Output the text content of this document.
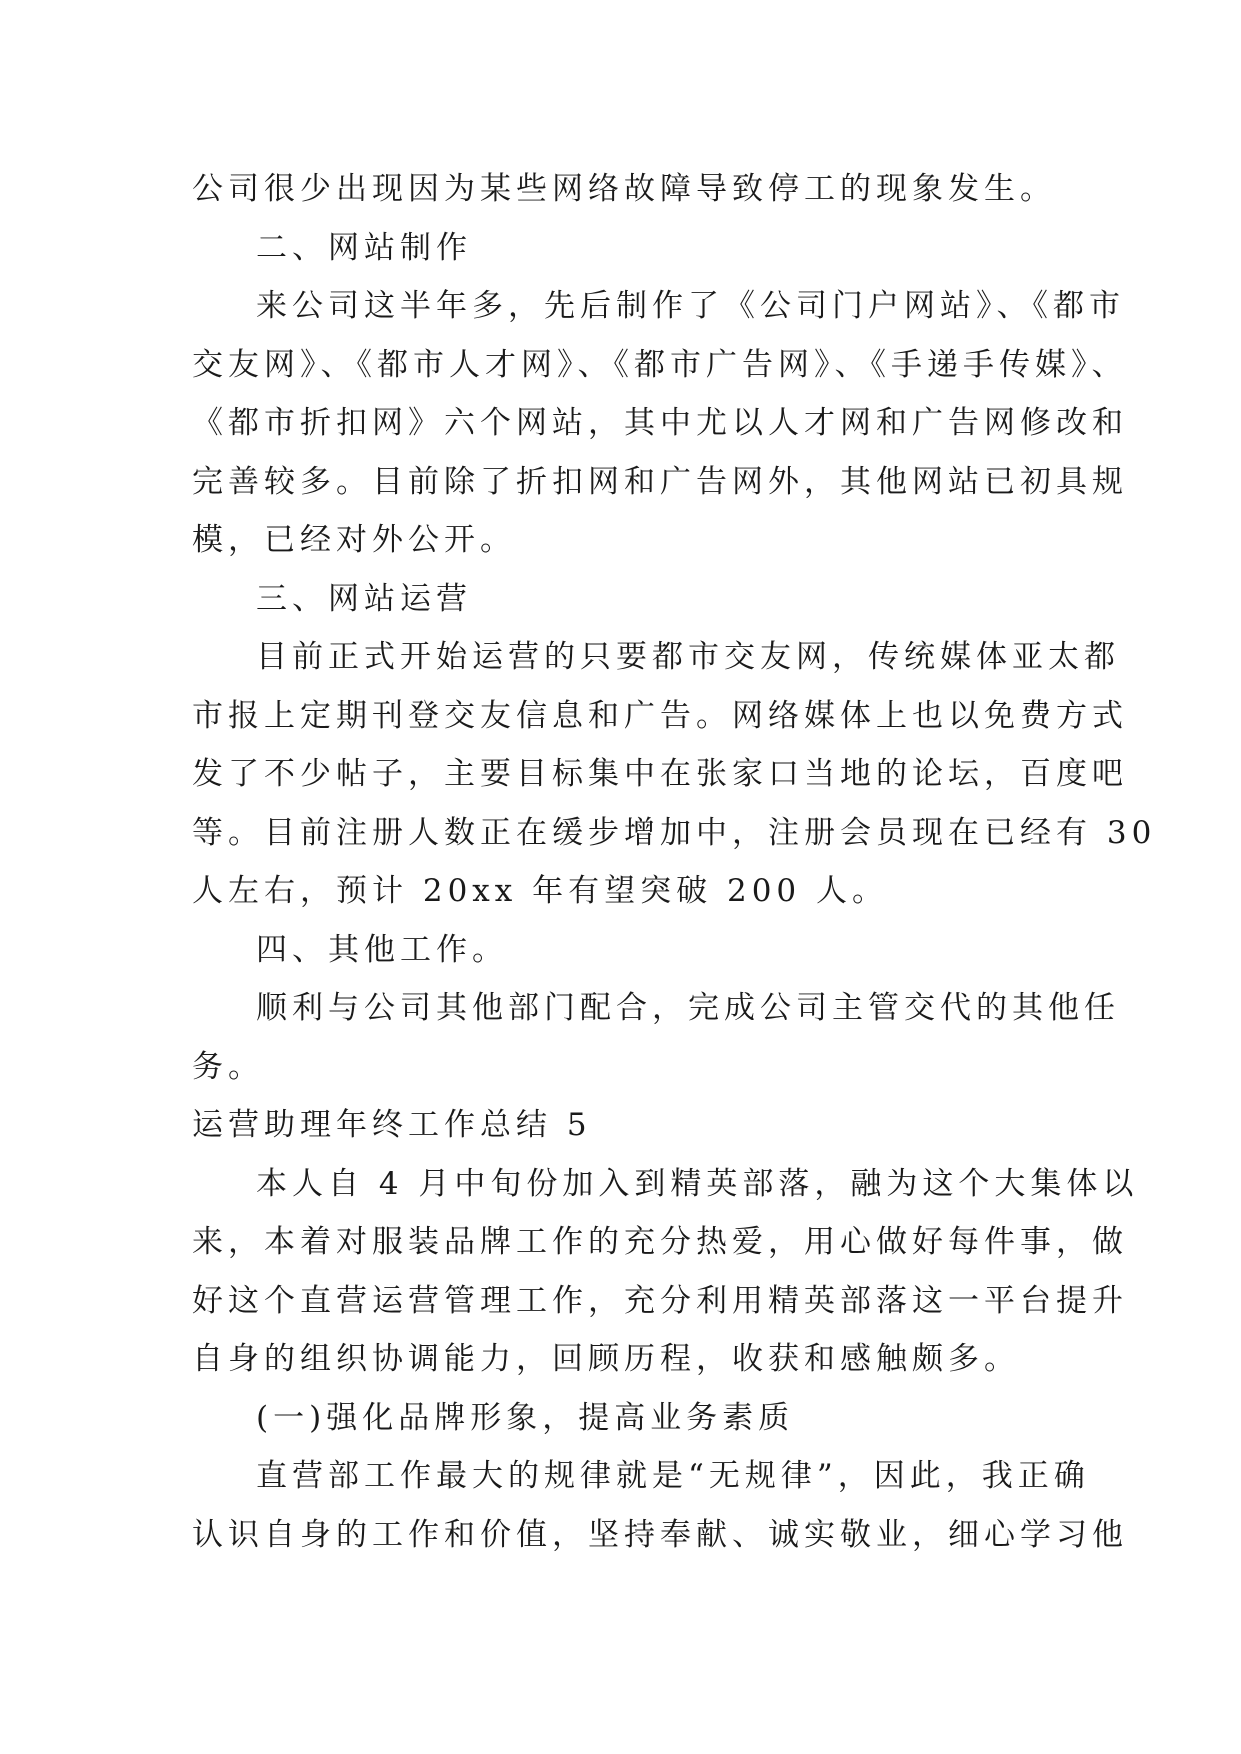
公司很少出现因为某些网络故障导致停工的现象发生。
二、网站制作
来公司这半年多，先后制作了《公司门户网站》、《都市
交友网》、《都市人才网》、《都市广告网》、《手递手传媒》、
《都市折扣网》六个网站，其中尤以人才网和广告网修改和
完善较多。目前除了折扣网和广告网外，其他网站已初具规
模，已经对外公开。
三、网站运营
目前正式开始运营的只要都市交友网，传统媒体亚太都
市报上定期刊登交友信息和广告。网络媒体上也以免费方式
发了不少帖子，主要目标集中在张家口当地的论坛，百度吧
等。目前注册人数正在缓步增加中，注册会员现在已经有 30
人左右，预计 20xx 年有望突破 200 人。
四、其他工作。
顺利与公司其他部门配合，完成公司主管交代的其他任
务。
运营助理年终工作总结 5
本人自 4 月中旬份加入到精英部落，融为这个大集体以
来，本着对服装品牌工作的充分热爱，用心做好每件事，做
好这个直营运营管理工作，充分利用精英部落这一平台提升
自身的组织协调能力，回顾历程，收获和感触颇多。
(一)强化品牌形象，提高业务素质
直营部工作最大的规律就是“无规律”，因此，我正确
认识自身的工作和价值，坚持奉献、诚实敬业，细心学习他
